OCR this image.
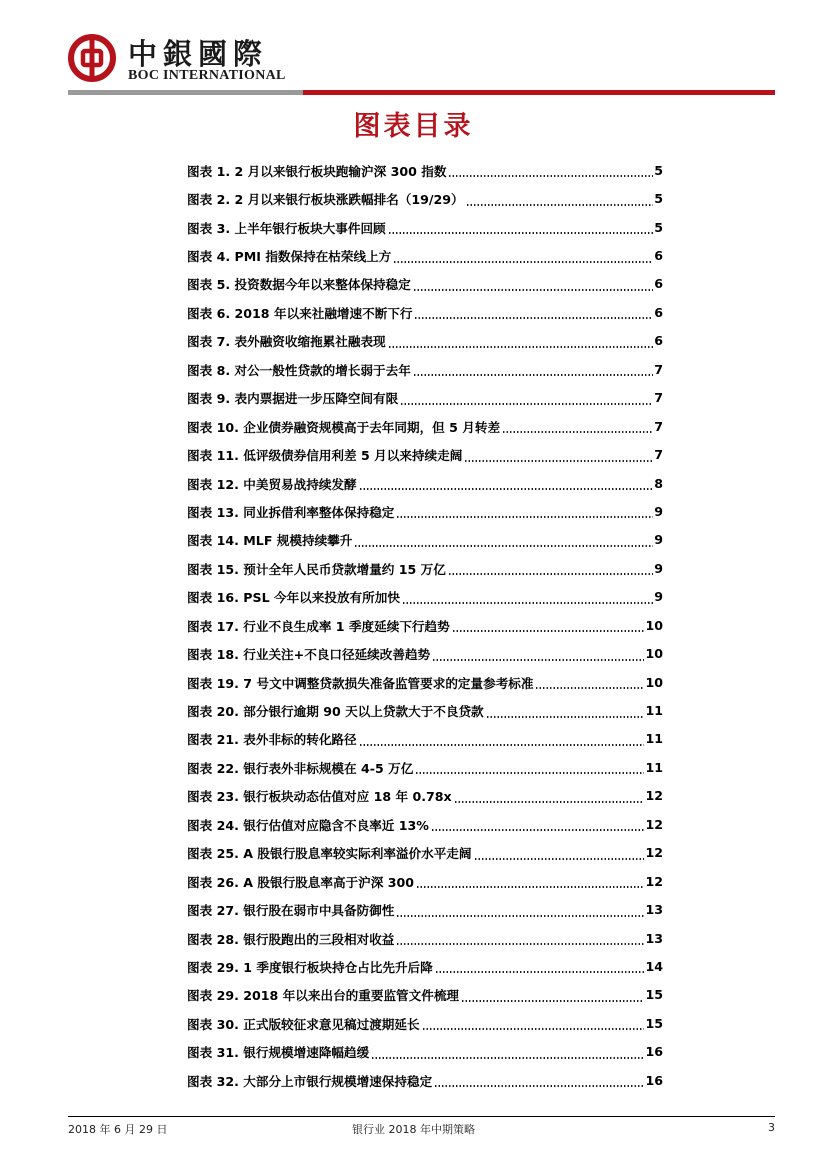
中銀國際
BOC INTERNATIONAL
图表目录
图表 1. 2 月以来银行板块跑输沪深 300 指数	5
图表 2. 2 月以来银行板块涨跌幅排名（19/29）	5
图表 3. 上半年银行板块大事件回顾	5
图表 4. PMI 指数保持在枯荣线上方	6
图表 5. 投资数据今年以来整体保持稳定	6
图表 6. 2018 年以来社融增速不断下行	6
图表 7. 表外融资收缩拖累社融表现	6
图表 8. 对公一般性贷款的增长弱于去年	7
图表 9. 表内票据进一步压降空间有限	7
图表 10. 企业债券融资规模高于去年同期，但 5 月转差	7
图表 11. 低评级债券信用利差 5 月以来持续走阔	7
图表 12. 中美贸易战持续发酵	8
图表 13. 同业拆借利率整体保持稳定	9
图表 14. MLF 规模持续攀升	9
图表 15. 预计全年人民币贷款增量约 15 万亿	9
图表 16. PSL 今年以来投放有所加快	9
图表 17. 行业不良生成率 1 季度延续下行趋势	10
图表 18. 行业关注+不良口径延续改善趋势	10
图表 19. 7 号文中调整贷款损失准备监管要求的定量参考标准	10
图表 20. 部分银行逾期 90 天以上贷款大于不良贷款	11
图表 21. 表外非标的转化路径	11
图表 22. 银行表外非标规模在 4-5 万亿	11
图表 23. 银行板块动态估值对应 18 年 0.78x	12
图表 24. 银行估值对应隐含不良率近 13%	12
图表 25. A 股银行股息率较实际利率溢价水平走阔	12
图表 26. A 股银行股息率高于沪深 300	12
图表 27. 银行股在弱市中具备防御性	13
图表 28. 银行股跑出的三段相对收益	13
图表 29. 1 季度银行板块持仓占比先升后降	14
图表 29. 2018 年以来出台的重要监管文件梳理	15
图表 30. 正式版较征求意见稿过渡期延长	15
图表 31. 银行规模增速降幅趋缓	16
图表 32. 大部分上市银行规模增速保持稳定	16
2018 年 6 月 29 日	银行业 2018 年中期策略	3
